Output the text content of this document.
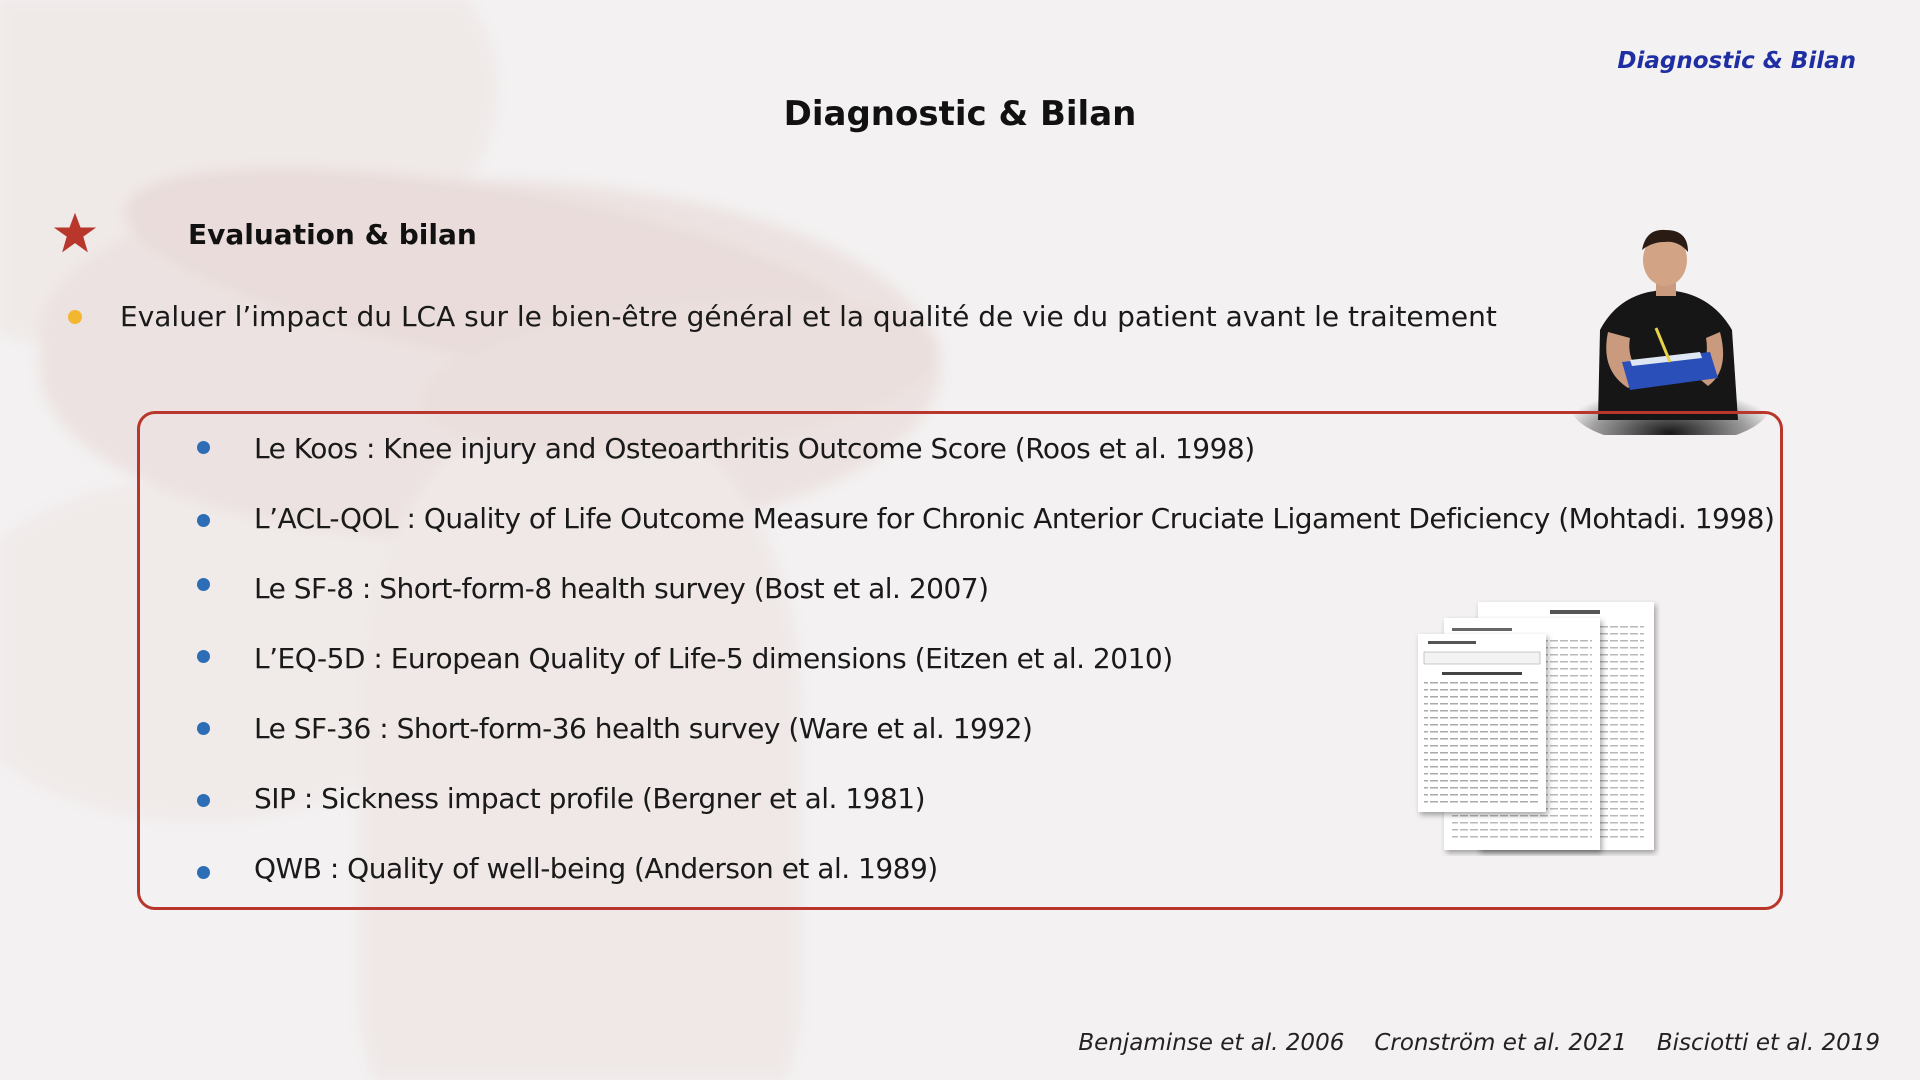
Diagnostic & Bilan
Diagnostic & Bilan
Evaluation & bilan
Evaluer l’impact du LCA sur le bien-être général et la qualité de vie du patient avant le traitement
Le Koos : Knee injury and Osteoarthritis Outcome Score (Roos et al. 1998)
L’ACL-QOL : Quality of Life Outcome Measure for Chronic Anterior Cruciate Ligament Deficiency (Mohtadi. 1998)
Le SF-8 : Short-form-8 health survey (Bost et al. 2007)
L’EQ-5D : European Quality of Life-5 dimensions (Eitzen et al. 2010)
Le SF-36 : Short-form-36 health survey (Ware et al. 1992)
SIP : Sickness impact profile (Bergner et al. 1981)
QWB : Quality of well-being (Anderson et al. 1989)
Benjaminse et al. 2006 Cronström et al. 2021 Bisciotti et al. 2019
